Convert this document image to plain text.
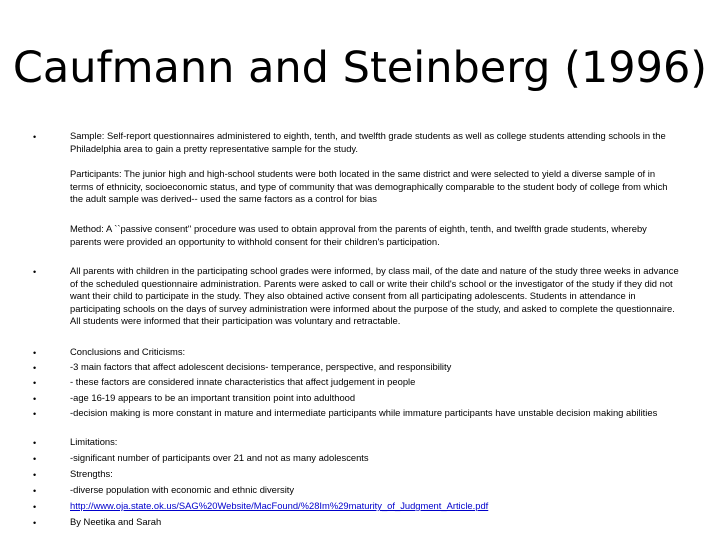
Caufmann and Steinberg (1996)
•	Sample: Self-report questionnaires administered to eighth, tenth, and twelfth grade students as well as college students attending schools in the Philadelphia area to gain a pretty representative sample for the study.
Participants: The junior high and high-school students were both located in the same district and were selected to yield a diverse sample of in terms of ethnicity, socioeconomic status, and type of community that was demographically comparable to the student body of college from which the adult sample was derived-- used the same factors as a control for bias
Method: A ``passive consent'' procedure was used to obtain approval from the parents of eighth, tenth, and twelfth grade students, whereby parents were provided an opportunity to withhold consent for their children's participation.
•	All parents with children in the participating school grades were informed, by class mail, of the date and nature of the study three weeks in advance of the scheduled questionnaire administration. Parents were asked to call or write their child's school or the investigator of the study if they did not want their child to participate in the study. They also obtained active consent from all participating adolescents. Students in attendance in participating schools on the days of survey administration were informed about the purpose of the study, and asked to complete the questionnaire. All students were informed that their participation was voluntary and retractable.
•	Conclusions and Criticisms:
•	-3 main factors that affect adolescent decisions- temperance, perspective, and responsibility
•	- these factors are considered innate characteristics that affect judgement in people
•	-age 16-19 appears to be an important transition point into adulthood
•	-decision making is more constant in mature and intermediate participants while immature participants have unstable decision making abilities
•	Limitations:
•	-significant number of participants over 21 and not as many adolescents
•	Strengths:
•	-diverse population with economic and ethnic diversity
•	http://www.oja.state.ok.us/SAG%20Website/MacFound/%28Im%29maturity_of_Judgment_Article.pdf
•	By Neetika and Sarah
